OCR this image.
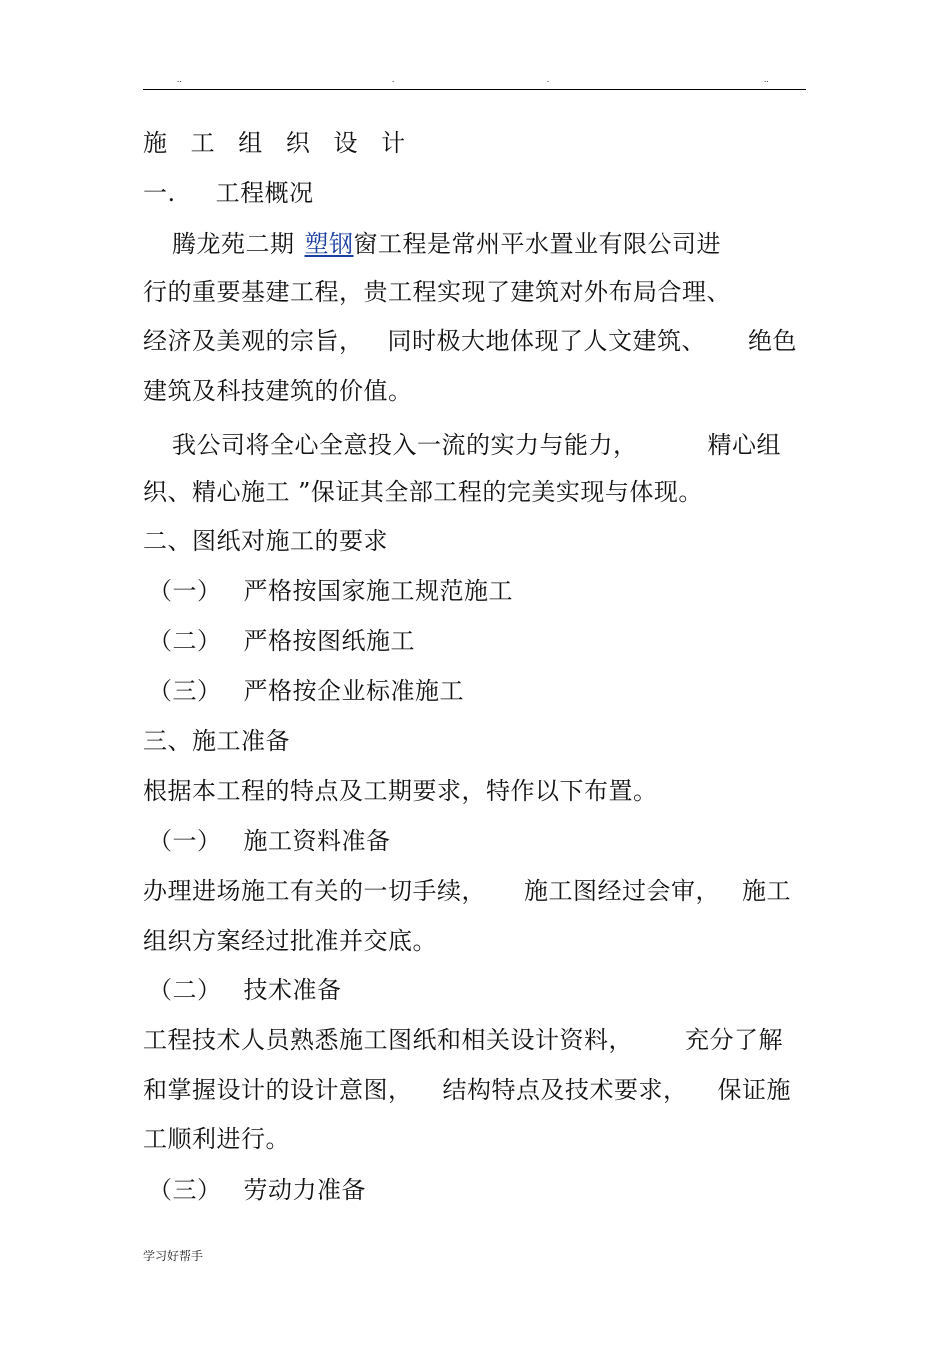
..	.	.	..
施 工 组 织 设 计
一. 工程概况
腾龙苑二期 塑钢窗工程是常州平水置业有限公司进
行的重要基建工程，贵工程实现了建筑对外布局合理、
经济及美观的宗旨， 同时极大地体现了人文建筑、 绝色
建筑及科技建筑的价值。
我公司将全心全意投入一流的实力与能力，	精心组
织、精心施工 ”保证其全部工程的完美实现与体现。
二、图纸对施工的要求
（一） 严格按国家施工规范施工
（二） 严格按图纸施工
（三） 严格按企业标准施工
三、施工准备
根据本工程的特点及工期要求，特作以下布置。
（一） 施工资料准备
办理进场施工有关的一切手续， 施工图经过会审， 施工
组织方案经过批准并交底。
（二） 技术准备
工程技术人员熟悉施工图纸和相关设计资料， 充分了解
和掌握设计的设计意图， 结构特点及技术要求， 保证施
工顺利进行。
（三） 劳动力准备
学习好帮手
